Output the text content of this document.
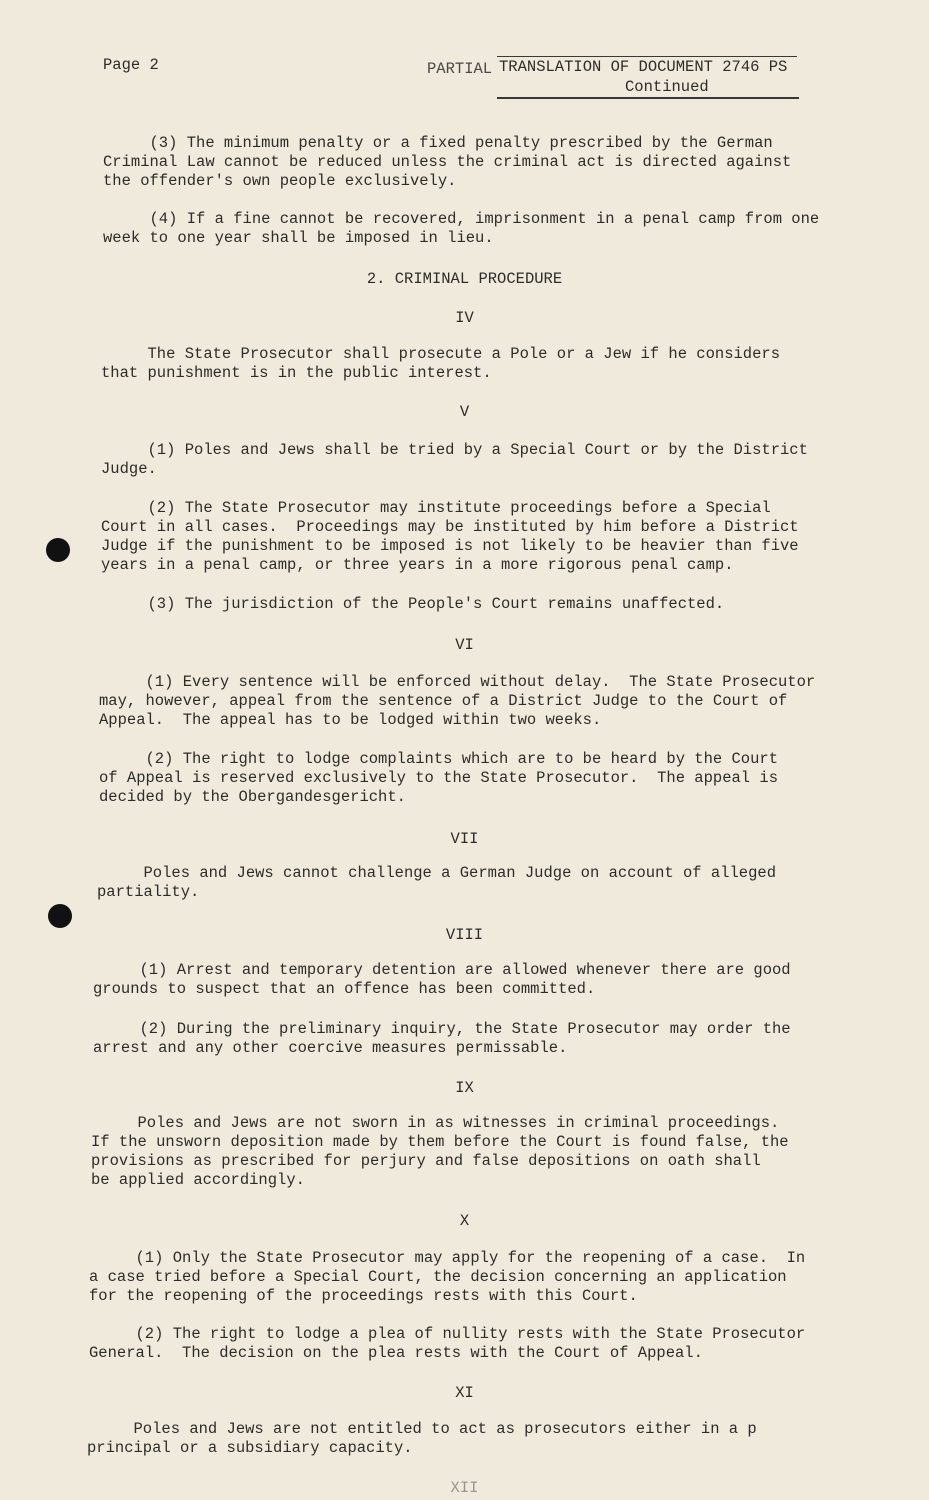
Page 2	PARTIAL TRANSLATION OF DOCUMENT 2746 PS
Continued
(3) The minimum penalty or a fixed penalty prescribed by the German
Criminal Law cannot be reduced unless the criminal act is directed against
the offender's own people exclusively.
(4) If a fine cannot be recovered, imprisonment in a penal camp from one
week to one year shall be imposed in lieu.
2. CRIMINAL PROCEDURE
IV
The State Prosecutor shall prosecute a Pole or a Jew if he considers
that punishment is in the public interest.
V
(1) Poles and Jews shall be tried by a Special Court or by the District
Judge.
(2) The State Prosecutor may institute proceedings before a Special
Court in all cases.  Proceedings may be instituted by him before a District
Judge if the punishment to be imposed is not likely to be heavier than five
years in a penal camp, or three years in a more rigorous penal camp.
(3) The jurisdiction of the People's Court remains unaffected.
VI
(1) Every sentence will be enforced without delay.  The State Prosecutor
may, however, appeal from the sentence of a District Judge to the Court of
Appeal.  The appeal has to be lodged within two weeks.
(2) The right to lodge complaints which are to be heard by the Court
of Appeal is reserved exclusively to the State Prosecutor.  The appeal is
decided by the Obergandesgericht.
VII
Poles and Jews cannot challenge a German Judge on account of alleged
partiality.
VIII
(1) Arrest and temporary detention are allowed whenever there are good
grounds to suspect that an offence has been committed.
(2) During the preliminary inquiry, the State Prosecutor may order the
arrest and any other coercive measures permissable.
IX
Poles and Jews are not sworn in as witnesses in criminal proceedings.
If the unsworn deposition made by them before the Court is found false, the
provisions as prescribed for perjury and false depositions on oath shall
be applied accordingly.
X
(1) Only the State Prosecutor may apply for the reopening of a case.  In
a case tried before a Special Court, the decision concerning an application
for the reopening of the proceedings rests with this Court.
(2) The right to lodge a plea of nullity rests with the State Prosecutor
General.  The decision on the plea rests with the Court of Appeal.
XI
Poles and Jews are not entitled to act as prosecutors either in a p
principal or a subsidiary capacity.
XII
